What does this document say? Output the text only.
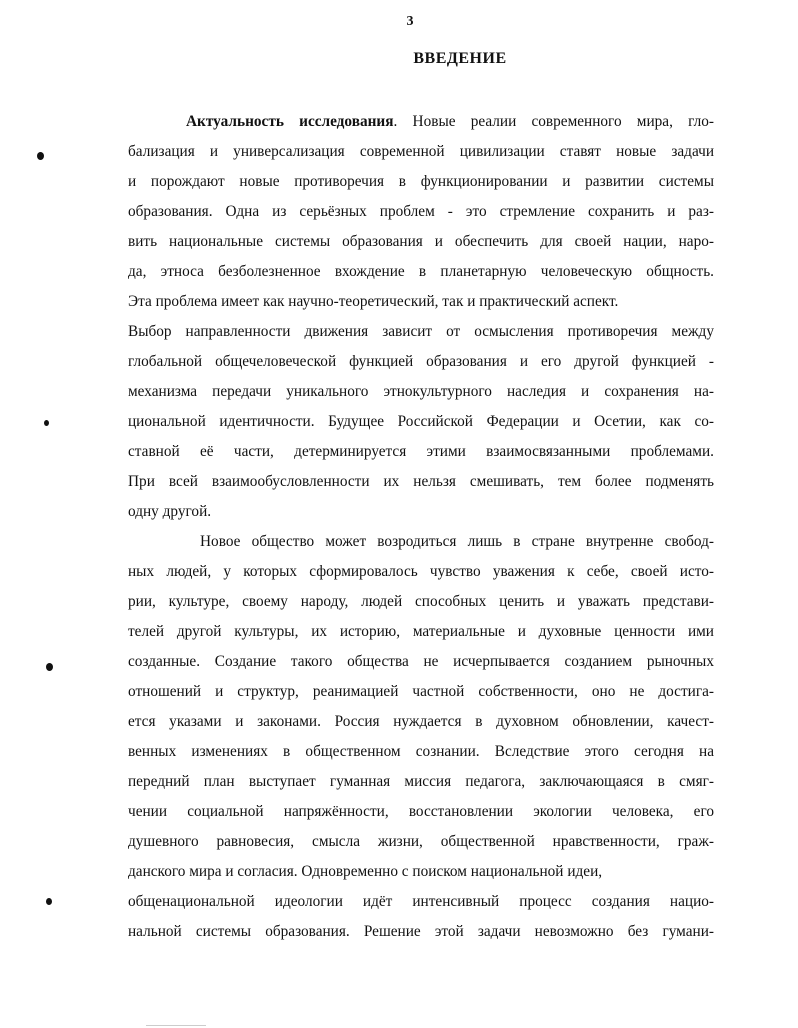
3
ВВЕДЕНИЕ
Актуальность исследования. Новые реалии современного мира, гло-
бализация и универсализация современной цивилизации ставят новые задачи
и порождают новые противоречия в функционировании и развитии системы
образования. Одна из серьёзных проблем - это стремление сохранить и раз-
вить национальные системы образования и обеспечить для своей нации, наро-
да, этноса безболезненное вхождение в планетарную человеческую общность.
Эта проблема имеет как научно-теоретический, так и практический аспект.
Выбор направленности движения зависит от осмысления противоречия между
глобальной общечеловеческой функцией образования и его другой функцией -
механизма передачи уникального этнокультурного наследия и сохранения на-
циональной идентичности. Будущее Российской Федерации и Осетии, как со-
ставной её части, детерминируется этими взаимосвязанными проблемами.
При всей взаимообусловленности их нельзя смешивать, тем более подменять
одну другой.
Новое общество может возродиться лишь в стране внутренне свобод-
ных людей, у которых сформировалось чувство уважения к себе, своей исто-
рии, культуре, своему народу, людей способных ценить и уважать представи-
телей другой культуры, их историю, материальные и духовные ценности ими
созданные. Создание такого общества не исчерпывается созданием рыночных
отношений и структур, реанимацией частной собственности, оно не достига-
ется указами и законами. Россия нуждается в духовном обновлении, качест-
венных изменениях в общественном сознании. Вследствие этого сегодня на
передний план выступает гуманная миссия педагога, заключающаяся в смяг-
чении социальной напряжённости, восстановлении экологии человека, его
душевного равновесия, смысла жизни, общественной нравственности, граж-
данского мира и согласия. Одновременно с поиском национальной идеи,
общенациональной идеологии идёт интенсивный процесс создания нацио-
нальной системы образования. Решение этой задачи невозможно без гумани-
